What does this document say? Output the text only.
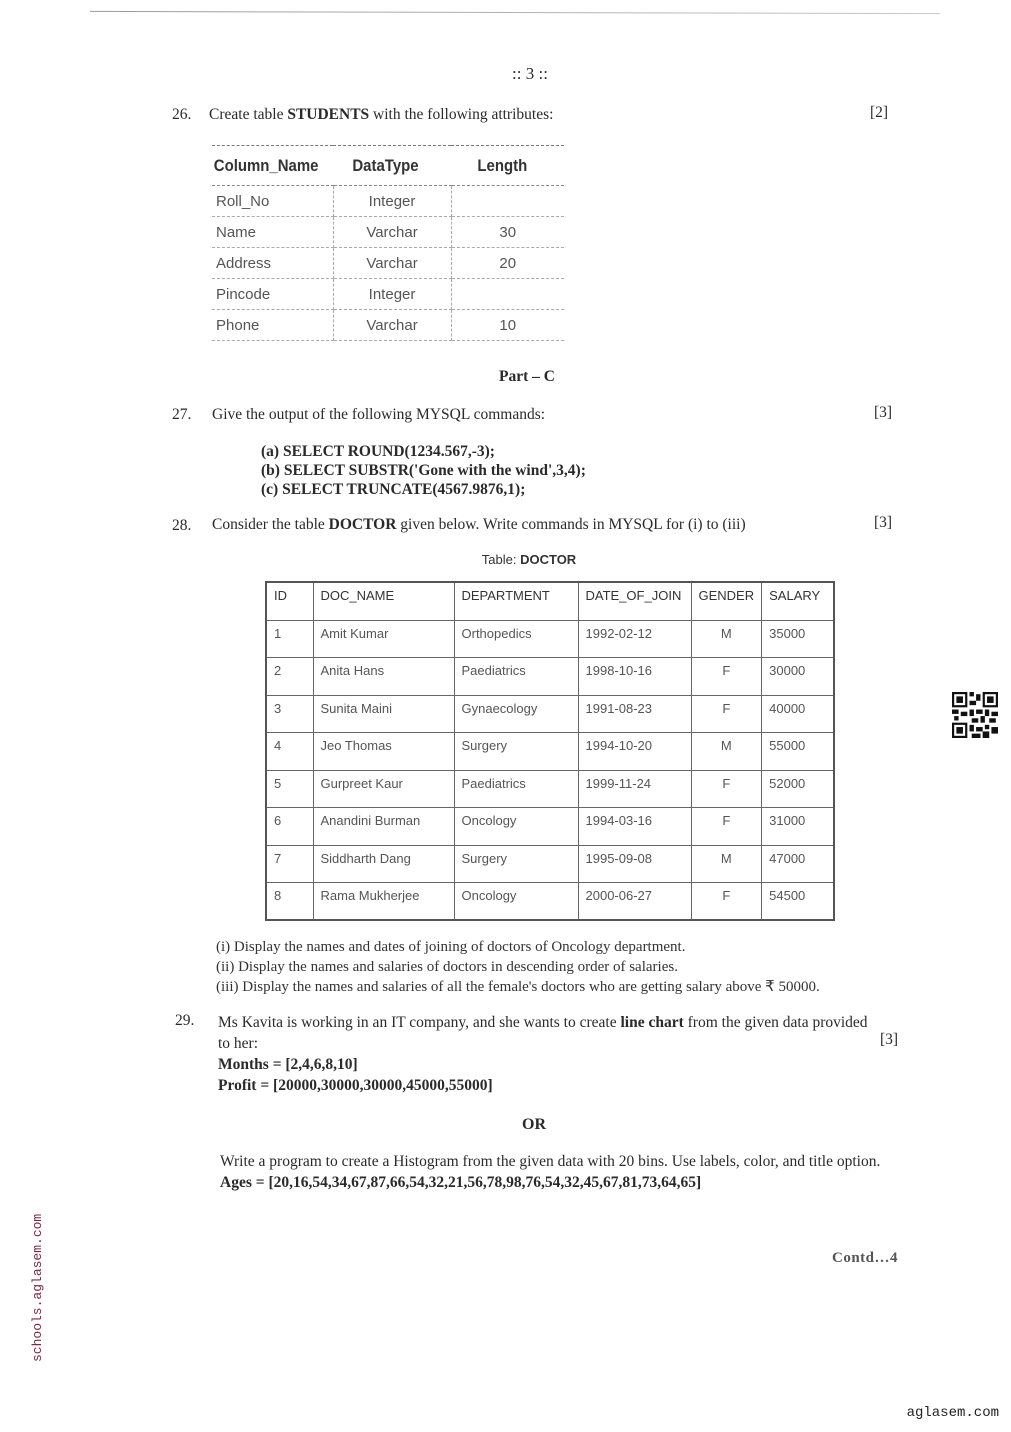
:: 3 ::
26. Create table STUDENTS with the following attributes:	[2]
Column_Name	DataType	Length
Roll_No	Integer	
Name	Varchar	30
Address	Varchar	20
Pincode	Integer	
Phone	Varchar	10
Part – C
27. Give the output of the following MYSQL commands:	[3]
(a) SELECT ROUND(1234.567,-3);
(b) SELECT SUBSTR('Gone with the wind',3,4);
(c) SELECT TRUNCATE(4567.9876,1);
28. Consider the table DOCTOR given below. Write commands in MYSQL for (i) to (iii)	[3]
Table: DOCTOR
ID	DOC_NAME	DEPARTMENT	DATE_OF_JOIN	GENDER	SALARY
1	Amit Kumar	Orthopedics	1992-02-12	M	35000
2	Anita Hans	Paediatrics	1998-10-16	F	30000
3	Sunita Maini	Gynaecology	1991-08-23	F	40000
4	Jeo Thomas	Surgery	1994-10-20	M	55000
5	Gurpreet Kaur	Paediatrics	1999-11-24	F	52000
6	Anandini Burman	Oncology	1994-03-16	F	31000
7	Siddharth Dang	Surgery	1995-09-08	M	47000
8	Rama Mukherjee	Oncology	2000-06-27	F	54500
(i) Display the names and dates of joining of doctors of Oncology department.
(ii) Display the names and salaries of doctors in descending order of salaries.
(iii) Display the names and salaries of all the female's doctors who are getting salary above ₹ 50000.
29. Ms Kavita is working in an IT company, and she wants to create line chart from the given data provided to her:
Months = [2,4,6,8,10]
Profit = [20000,30000,30000,45000,55000]
[3]
OR
Write a program to create a Histogram from the given data with 20 bins. Use labels, color, and title option.
Ages = [20,16,54,34,67,87,66,54,32,21,56,78,98,76,54,32,45,67,81,73,64,65]
Contd…4
schools.aglasem.com
aglasem.com
